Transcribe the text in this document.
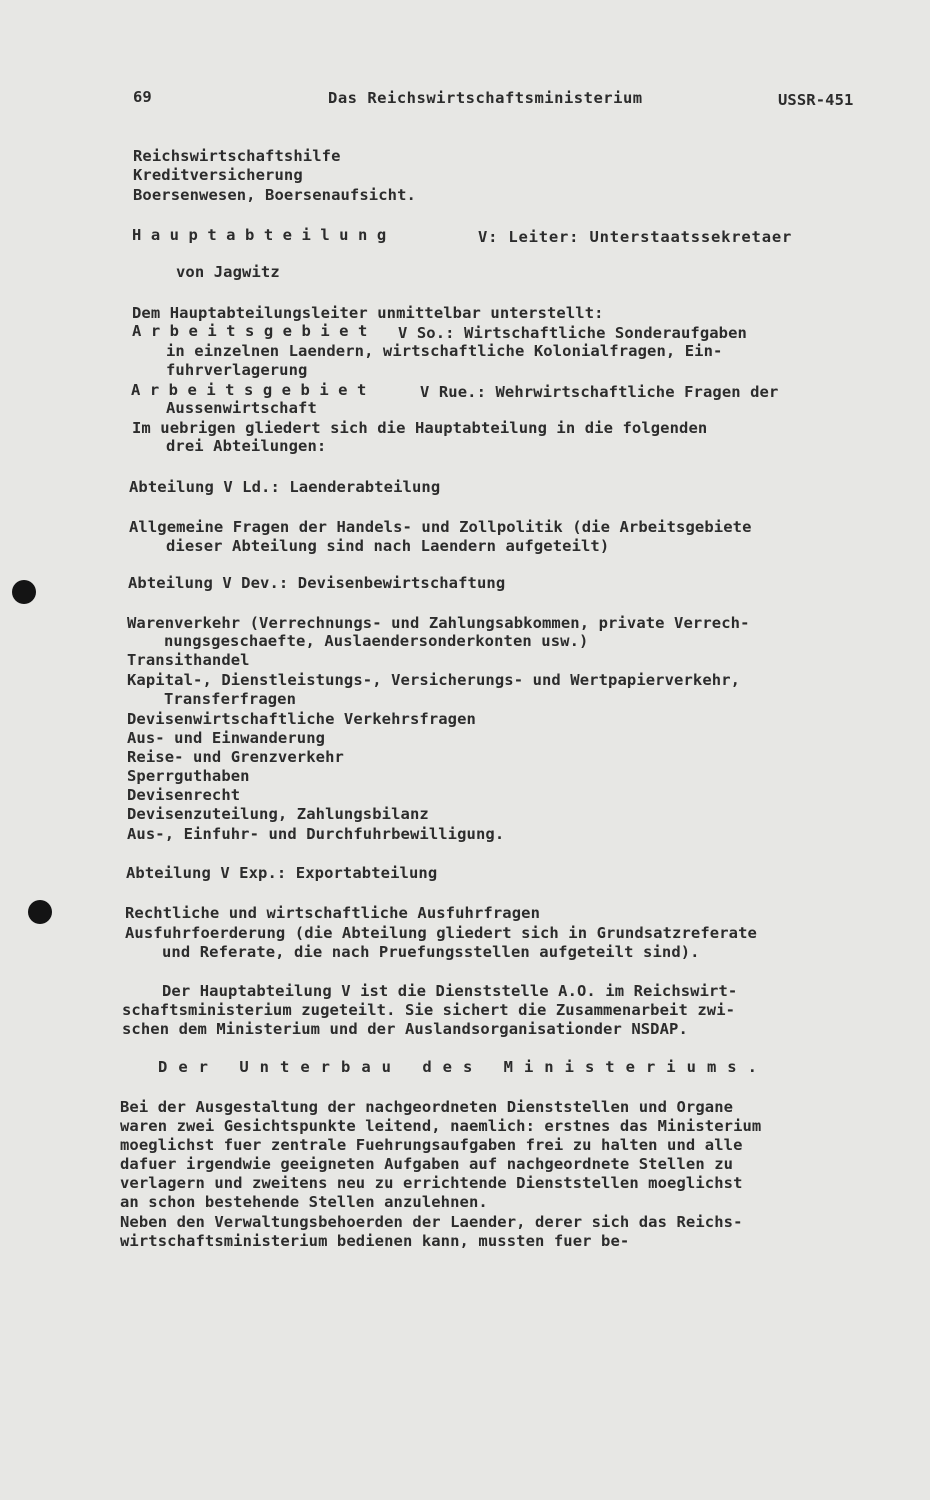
69	Das Reichswirtschaftsministerium	USSR-451
Reichswirtschaftshilfe
Kreditversicherung
Boersenwesen, Boersenaufsicht.
Hauptabteilung	V: Leiter: Unterstaatssekretaer
von Jagwitz
Dem Hauptabteilungsleiter unmittelbar unterstellt:
Arbeitsgebiet V So.: Wirtschaftliche Sonderaufgaben
in einzelnen Laendern, wirtschaftliche Kolonialfragen, Ein-
fuhrverlagerung
Arbeitsgebiet	V Rue.: Wehrwirtschaftliche Fragen der
Aussenwirtschaft
Im uebrigen gliedert sich die Hauptabteilung in die folgenden
drei Abteilungen:
Abteilung V Ld.: Laenderabteilung
Allgemeine Fragen der Handels- und Zollpolitik (die Arbeitsgebiete
dieser Abteilung sind nach Laendern aufgeteilt)
Abteilung V Dev.: Devisenbewirtschaftung
Warenverkehr (Verrechnungs- und Zahlungsabkommen, private Verrech-
nungsgeschaefte, Auslaendersonderkonten usw.)
Transithandel
Kapital-, Dienstleistungs-, Versicherungs- und Wertpapierverkehr,
Transferfragen
Devisenwirtschaftliche Verkehrsfragen
Aus- und Einwanderung
Reise- und Grenzverkehr
Sperrguthaben
Devisenrecht
Devisenzuteilung, Zahlungsbilanz
Aus-, Einfuhr- und Durchfuhrbewilligung.
Abteilung V Exp.: Exportabteilung
Rechtliche und wirtschaftliche Ausfuhrfragen
Ausfuhrfoerderung (die Abteilung gliedert sich in Grundsatzreferate
und Referate, die nach Pruefungsstellen aufgeteilt sind).
Der Hauptabteilung V ist die Dienststelle A.O. im Reichswirt-
schaftsministerium zugeteilt. Sie sichert die Zusammenarbeit zwi-
schen dem Ministerium und der Auslandsorganisationder NSDAP.
Der Unterbau des Ministeriums.
Bei der Ausgestaltung der nachgeordneten Dienststellen und Organe
waren zwei Gesichtspunkte leitend, naemlich: erstnes das Ministerium
moeglichst fuer zentrale Fuehrungsaufgaben frei zu halten und alle
dafuer irgendwie geeigneten Aufgaben auf nachgeordnete Stellen zu
verlagern und zweitens neu zu errichtende Dienststellen moeglichst
an schon bestehende Stellen anzulehnen.
Neben den Verwaltungsbehoerden der Laender, derer sich das Reichs-
wirtschaftsministerium bedienen kann, mussten fuer be-
